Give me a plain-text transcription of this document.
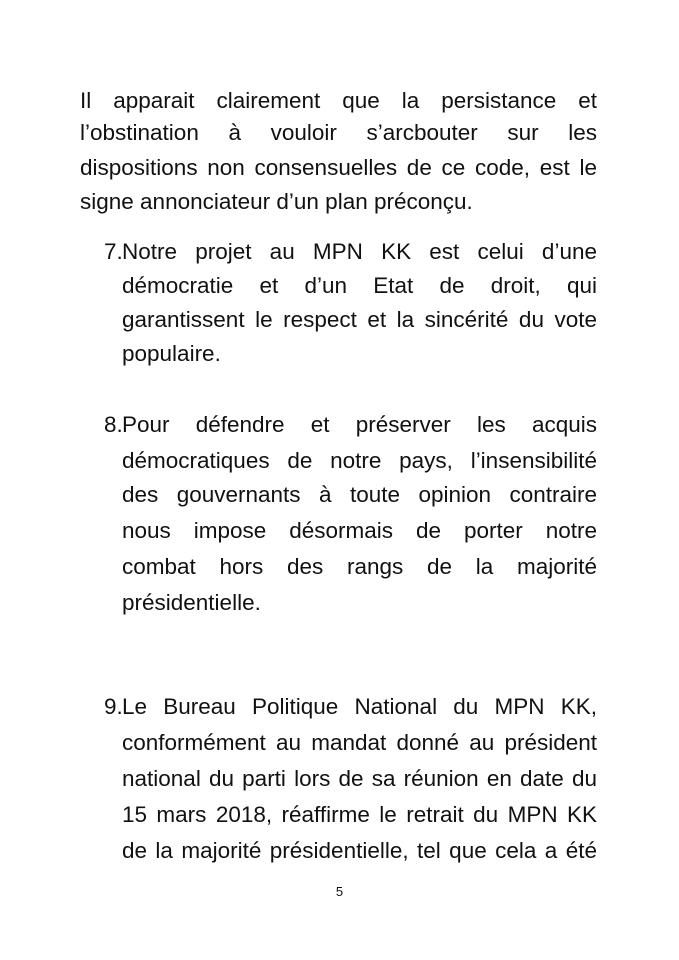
Il apparait clairement que la persistance et
l’obstination à vouloir s’arcbouter sur les
dispositions non consensuelles de ce code, est le
signe annonciateur d’un plan préconçu.
7. Notre projet au MPN KK est celui d’une
démocratie et d’un Etat de droit, qui
garantissent le respect et la sincérité du vote
populaire.
8. Pour défendre et préserver les acquis
démocratiques de notre pays, l’insensibilité
des gouvernants à toute opinion contraire
nous impose désormais de porter notre
combat hors des rangs de la majorité
présidentielle.
9. Le Bureau Politique National du MPN KK,
conformément au mandat donné au président
national du parti lors de sa réunion en date du
15 mars 2018, réaffirme le retrait du MPN KK
de la majorité présidentielle, tel que cela a été
5
